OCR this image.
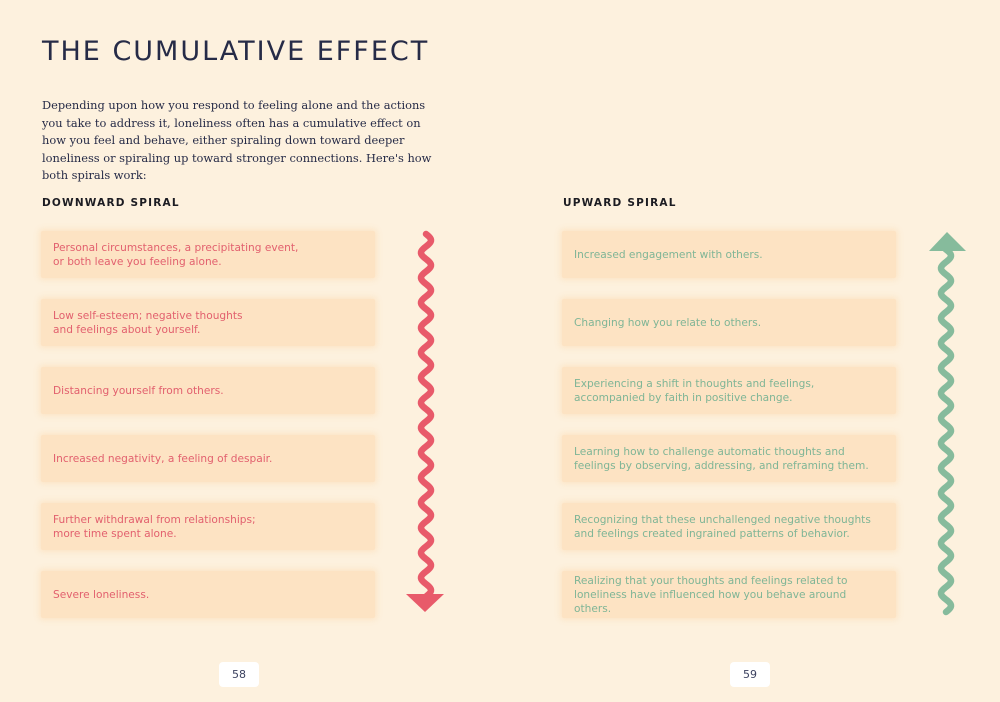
THE CUMULATIVE EFFECT

Depending upon how you respond to feeling alone and the actions you take to address it, loneliness often has a cumulative effect on how you feel and behave, either spiraling down toward deeper loneliness or spiraling up toward stronger connections. Here's how both spirals work:

DOWNWARD SPIRAL	UPWARD SPIRAL
Personal circumstances, a precipitating event,
or both leave you feeling alone.
Low self-esteem; negative thoughts
and feelings about yourself.
Distancing yourself from others.
Increased negativity, a feeling of despair.
Further withdrawal from relationships;
more time spent alone.
Severe loneliness.
Increased engagement with others.
Changing how you relate to others.
Experiencing a shift in thoughts and feelings,
accompanied by faith in positive change.
Learning how to challenge automatic thoughts and
feelings by observing, addressing, and reframing them.
Recognizing that these unchallenged negative thoughts
and feelings created ingrained patterns of behavior.
Realizing that your thoughts and feelings related to
loneliness have influenced how you behave around others.
58	59
